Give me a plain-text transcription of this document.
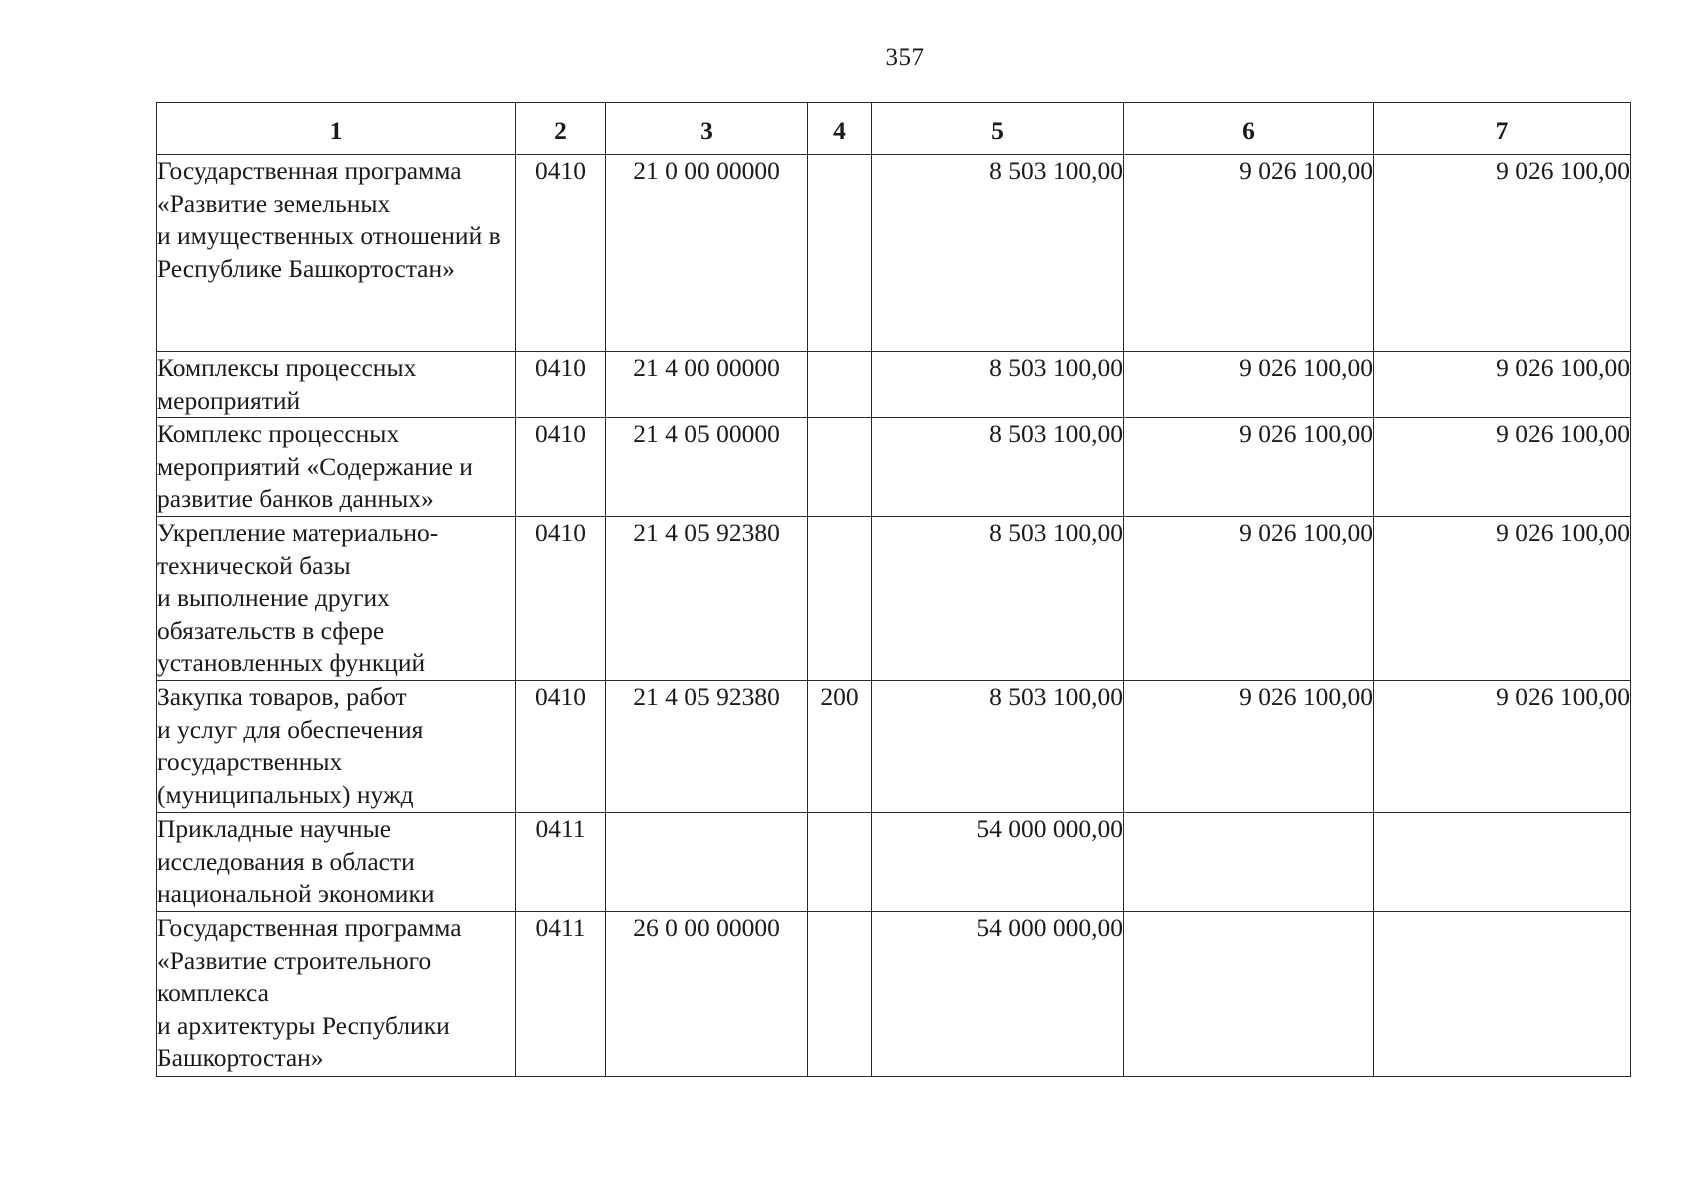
357
1	2	3	4	5	6	7
Государственная программа «Развитие земельных
и имущественных отношений в Республике Башкортостан»	0410	21 0 00 00000		8 503 100,00	9 026 100,00	9 026 100,00
Комплексы процессных мероприятий	0410	21 4 00 00000		8 503 100,00	9 026 100,00	9 026 100,00
Комплекс процессных мероприятий «Содержание и развитие банков данных»	0410	21 4 05 00000		8 503 100,00	9 026 100,00	9 026 100,00
Укрепление материально-технической базы
и выполнение других обязательств в сфере установленных функций	0410	21 4 05 92380		8 503 100,00	9 026 100,00	9 026 100,00
Закупка товаров, работ
и услуг для обеспечения государственных (муниципальных) нужд	0410	21 4 05 92380	200	8 503 100,00	9 026 100,00	9 026 100,00
Прикладные научные исследования в области национальной экономики	0411			54 000 000,00		
Государственная программа «Развитие строительного комплекса
и архитектуры Республики Башкортостан»	0411	26 0 00 00000		54 000 000,00		
